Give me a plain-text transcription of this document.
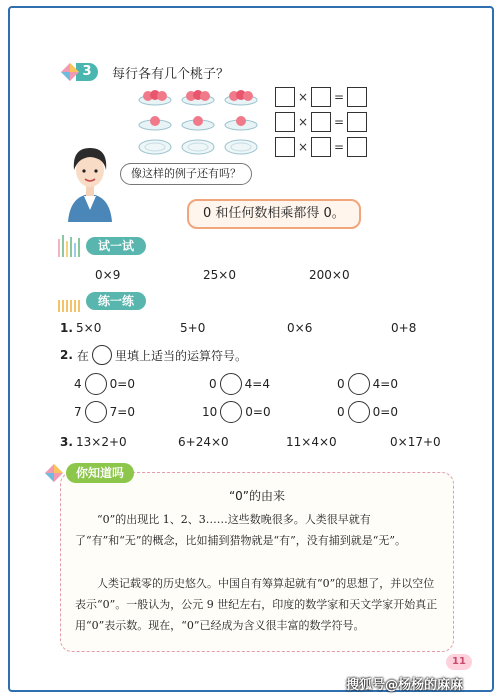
3	每行各有几个桃子？
× =
× =
× =
像这样的例子还有吗？
0 和任何数相乘都得 0。
试一试
0×9	25×0	200×0
练一练
1. 5×0	5+0	0×6	0+8
2. 在 里填上适当的运算符号。
4 0=0	0 4=4	0 4=0
7 7=0	10 0=0	0 0=0
3. 13×2+0	6+24×0	11×4×0	0×17+0
“0”的由来

“0”的出现比 1、2、3……这些数晚很多。人类很早就有了“有”和“无”的概念，比如捕到猎物就是“有”，没有捕到就是“无”。

人类记载零的历史悠久。中国自有筹算起就有“0”的思想了，并以空位表示“0”。一般认为，公元 9 世纪左右，印度的数学家和天文学家开始真正用“0”表示数。现在，“0”已经成为含义很丰富的数学符号。

你知道吗
11
搜狐号@杨杨的麻麻
